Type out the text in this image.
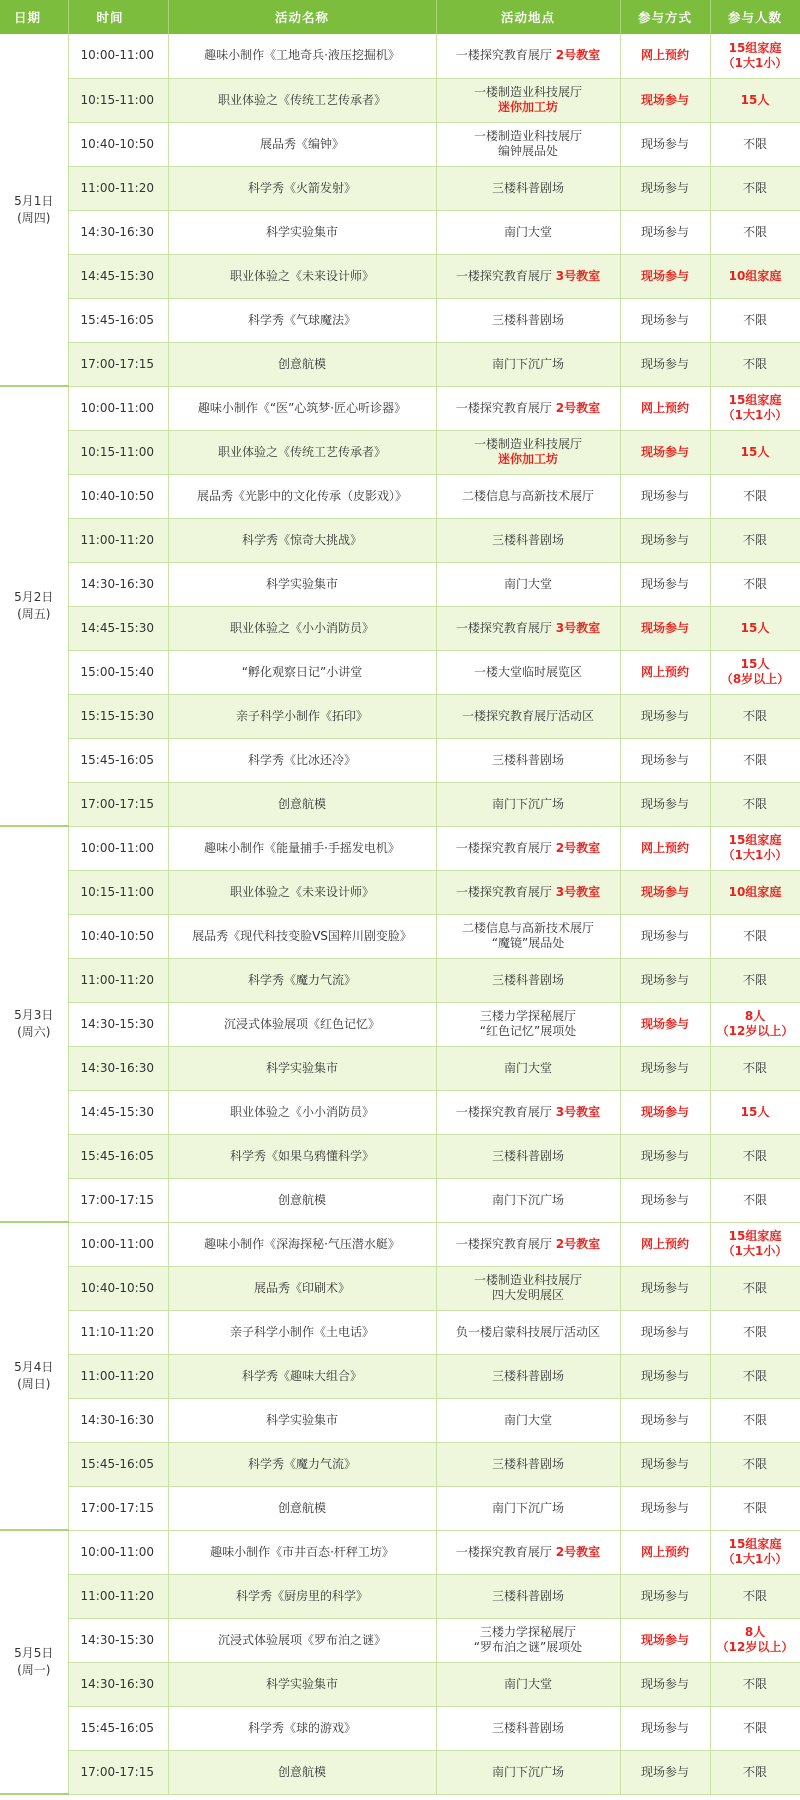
日期	时间	活动名称	活动地点	参与方式	参与人数

5月1日
(周四)	10:00-11:00	趣味小制作《工地奇兵·液压挖掘机》	一楼探究教育展厅 2号教室	网上预约	15组家庭
（1大1小）

	10:15-11:00	职业体验之《传统工艺传承者》	一楼制造业科技展厅
迷你加工坊	现场参与	15人

	10:40-10:50	展品秀《编钟》	一楼制造业科技展厅
编钟展品处	现场参与	不限

	11:00-11:20	科学秀《火箭发射》	三楼科普剧场	现场参与	不限

	14:30-16:30	科学实验集市	南门大堂	现场参与	不限

	14:45-15:30	职业体验之《未来设计师》	一楼探究教育展厅 3号教室	现场参与	10组家庭

	15:45-16:05	科学秀《气球魔法》	三楼科普剧场	现场参与	不限

	17:00-17:15	创意航模	南门下沉广场	现场参与	不限

5月2日
(周五)	10:00-11:00	趣味小制作《“医”心筑梦·匠心听诊器》	一楼探究教育展厅 2号教室	网上预约	15组家庭
（1大1小）

	10:15-11:00	职业体验之《传统工艺传承者》	一楼制造业科技展厅
迷你加工坊	现场参与	15人

	10:40-10:50	展品秀《光影中的文化传承（皮影戏）》	二楼信息与高新技术展厅	现场参与	不限

	11:00-11:20	科学秀《惊奇大挑战》	三楼科普剧场	现场参与	不限

	14:30-16:30	科学实验集市	南门大堂	现场参与	不限

	14:45-15:30	职业体验之《小小消防员》	一楼探究教育展厅 3号教室	现场参与	15人

	15:00-15:40	“孵化观察日记”小讲堂	一楼大堂临时展览区	网上预约	15人
（8岁以上）

	15:15-15:30	亲子科学小制作《拓印》	一楼探究教育展厅活动区	现场参与	不限

	15:45-16:05	科学秀《比冰还冷》	三楼科普剧场	现场参与	不限

	17:00-17:15	创意航模	南门下沉广场	现场参与	不限

5月3日
(周六)	10:00-11:00	趣味小制作《能量捕手·手摇发电机》	一楼探究教育展厅 2号教室	网上预约	15组家庭
（1大1小）

	10:15-11:00	职业体验之《未来设计师》	一楼探究教育展厅 3号教室	现场参与	10组家庭

	10:40-10:50	展品秀《现代科技变脸VS国粹川剧变脸》	二楼信息与高新技术展厅
“魔镜”展品处	现场参与	不限

	11:00-11:20	科学秀《魔力气流》	三楼科普剧场	现场参与	不限

	14:30-15:30	沉浸式体验展项《红色记忆》	三楼力学探秘展厅
“红色记忆”展项处	现场参与	8人
（12岁以上）

	14:30-16:30	科学实验集市	南门大堂	现场参与	不限

	14:45-15:30	职业体验之《小小消防员》	一楼探究教育展厅 3号教室	现场参与	15人

	15:45-16:05	科学秀《如果乌鸦懂科学》	三楼科普剧场	现场参与	不限

	17:00-17:15	创意航模	南门下沉广场	现场参与	不限

5月4日
(周日)	10:00-11:00	趣味小制作《深海探秘·气压潜水艇》	一楼探究教育展厅 2号教室	网上预约	15组家庭
（1大1小）

	10:40-10:50	展品秀《印刷术》	一楼制造业科技展厅
四大发明展区	现场参与	不限

	11:10-11:20	亲子科学小制作《土电话》	负一楼启蒙科技展厅活动区	现场参与	不限

	11:00-11:20	科学秀《趣味大组合》	三楼科普剧场	现场参与	不限

	14:30-16:30	科学实验集市	南门大堂	现场参与	不限

	15:45-16:05	科学秀《魔力气流》	三楼科普剧场	现场参与	不限

	17:00-17:15	创意航模	南门下沉广场	现场参与	不限

5月5日
(周一)	10:00-11:00	趣味小制作《市井百态·杆秤工坊》	一楼探究教育展厅 2号教室	网上预约	15组家庭
（1大1小）

	11:00-11:20	科学秀《厨房里的科学》	三楼科普剧场	现场参与	不限

	14:30-15:30	沉浸式体验展项《罗布泊之谜》	三楼力学探秘展厅
“罗布泊之谜”展项处	现场参与	8人
（12岁以上）

	14:30-16:30	科学实验集市	南门大堂	现场参与	不限

	15:45-16:05	科学秀《球的游戏》	三楼科普剧场	现场参与	不限

	17:00-17:15	创意航模	南门下沉广场	现场参与	不限
